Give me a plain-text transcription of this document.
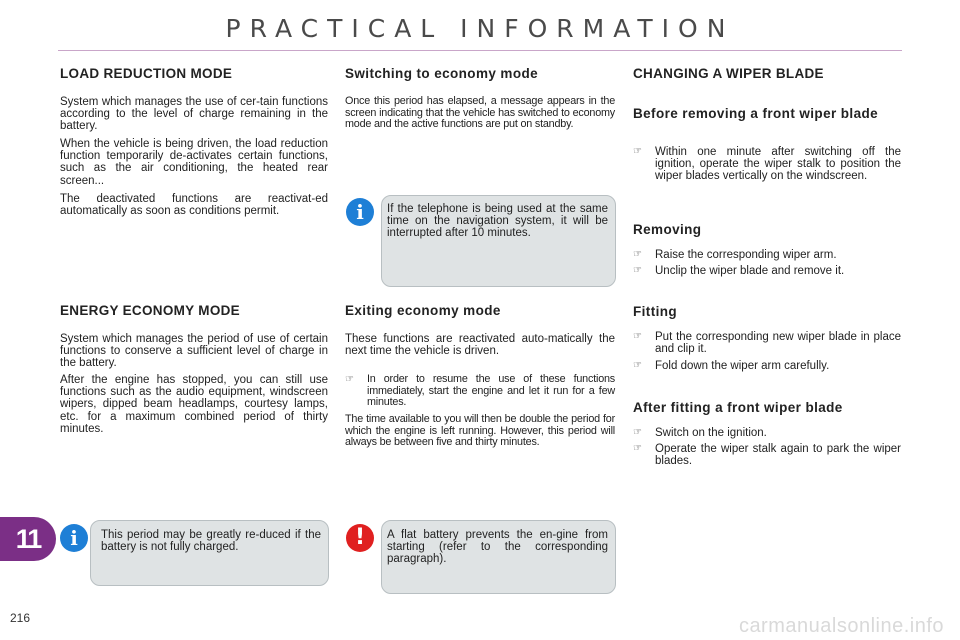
PRACTICAL INFORMATION
LOAD REDUCTION MODE

System which manages the use of cer-tain functions according to the level of charge remaining in the battery.

When the vehicle is being driven, the load reduction function temporarily de-activates certain functions, such as the air conditioning, the heated rear screen...

The deactivated functions are reactivat-ed automatically as soon as conditions permit.

ENERGY ECONOMY MODE

System which manages the period of use of certain functions to conserve a sufficient level of charge in the battery.

After the engine has stopped, you can still use functions such as the audio equipment, windscreen wipers, dipped beam headlamps, courtesy lamps, etc. for a maximum combined period of thirty minutes.

i	This period may be greatly re-duced if the battery is not fully charged.
Switching to economy mode

Once this period has elapsed, a message appears in the screen indicating that the vehicle has switched to economy mode and the active functions are put on standby.

Exiting economy mode

These functions are reactivated auto-matically the next time the vehicle is driven.

☞ In order to resume the use of these functions immediately, start the engine and let it run for a few minutes.

The time available to you will then be double the period for which the engine is left running. However, this period will always be between five and thirty minutes.

i	If the telephone is being used at the same time on the navigation system, it will be interrupted after 10 minutes.
!	A flat battery prevents the en-gine from starting (refer to the corresponding paragraph).
CHANGING A WIPER BLADE
Before removing a front wiper blade
☞ Within one minute after switching off the ignition, operate the wiper stalk to position the wiper blades vertically on the windscreen.
Removing
☞ Raise the corresponding wiper arm.
☞ Unclip the wiper blade and remove it.
Fitting
☞ Put the corresponding new wiper blade in place and clip it.
☞ Fold down the wiper arm carefully.
After fitting a front wiper blade
☞ Switch on the ignition.
☞ Operate the wiper stalk again to park the wiper blades.
11
216	carmanualsonline.info
